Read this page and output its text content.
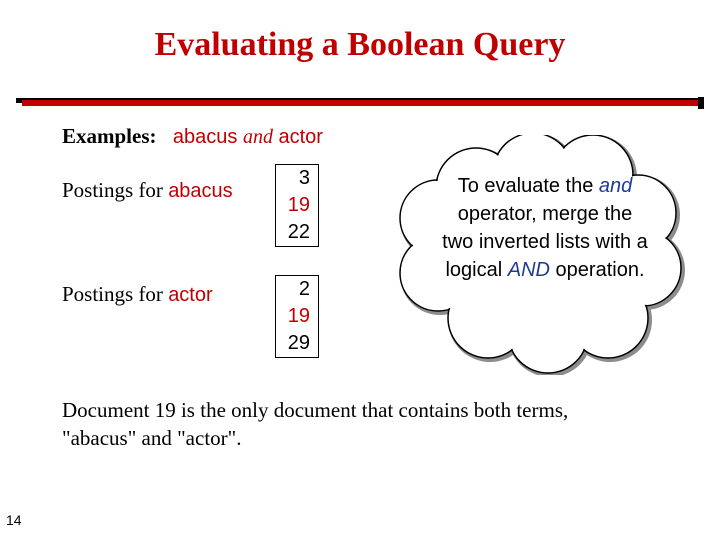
Evaluating a Boolean Query
Examples: abacus and actor
Postings for abacus
3
19
22
Postings for actor	2
19
29
To evaluate the and operator, merge the two inverted lists with a logical AND operation.
Document 19 is the only document that contains both terms, "abacus" and "actor".
14
